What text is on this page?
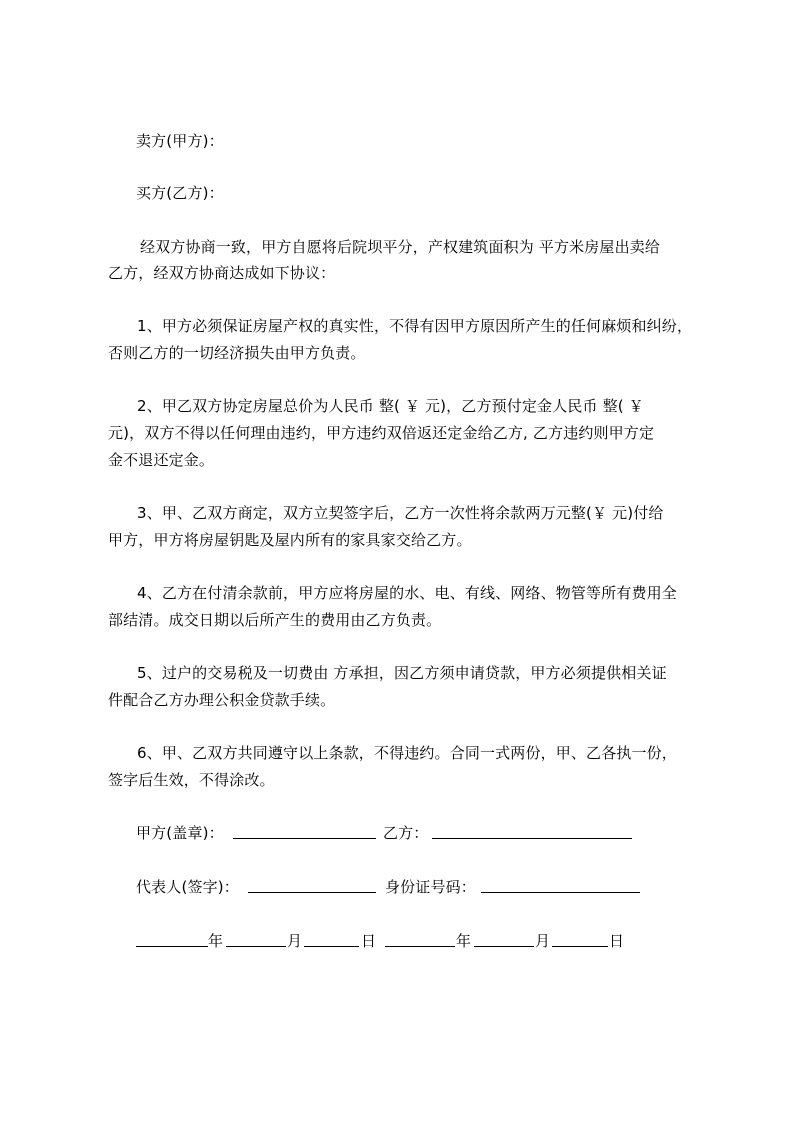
卖方(甲方)：
买方(乙方)：
经双方协商一致，甲方自愿将后院坝平分，产权建筑面积为 平方米房屋出卖给
乙方，经双方协商达成如下协议：
1、甲方必须保证房屋产权的真实性，不得有因甲方原因所产生的任何麻烦和纠纷，
否则乙方的一切经济损失由甲方负责。
2、甲乙双方协定房屋总价为人民币 整( ￥ 元)，乙方预付定金人民币 整( ￥
元)，双方不得以任何理由违约，甲方违约双倍返还定金给乙方, 乙方违约则甲方定
金不退还定金。
3、甲、乙双方商定，双方立契签字后，乙方一次性将余款两万元整(￥ 元)付给
甲方，甲方将房屋钥匙及屋内所有的家具家交给乙方。
4、乙方在付清余款前，甲方应将房屋的水、电、有线、网络、物管等所有费用全
部结清。成交日期以后所产生的费用由乙方负责。
5、过户的交易税及一切费由 方承担，因乙方须申请贷款，甲方必须提供相关证
件配合乙方办理公积金贷款手续。
6、甲、乙双方共同遵守以上条款，不得违约。合同一式两份，甲、乙各执一份，
签字后生效，不得涂改。
甲方(盖章)：	乙方：
代表人(签字)：	身份证号码：
年	月	日	年	月	日
